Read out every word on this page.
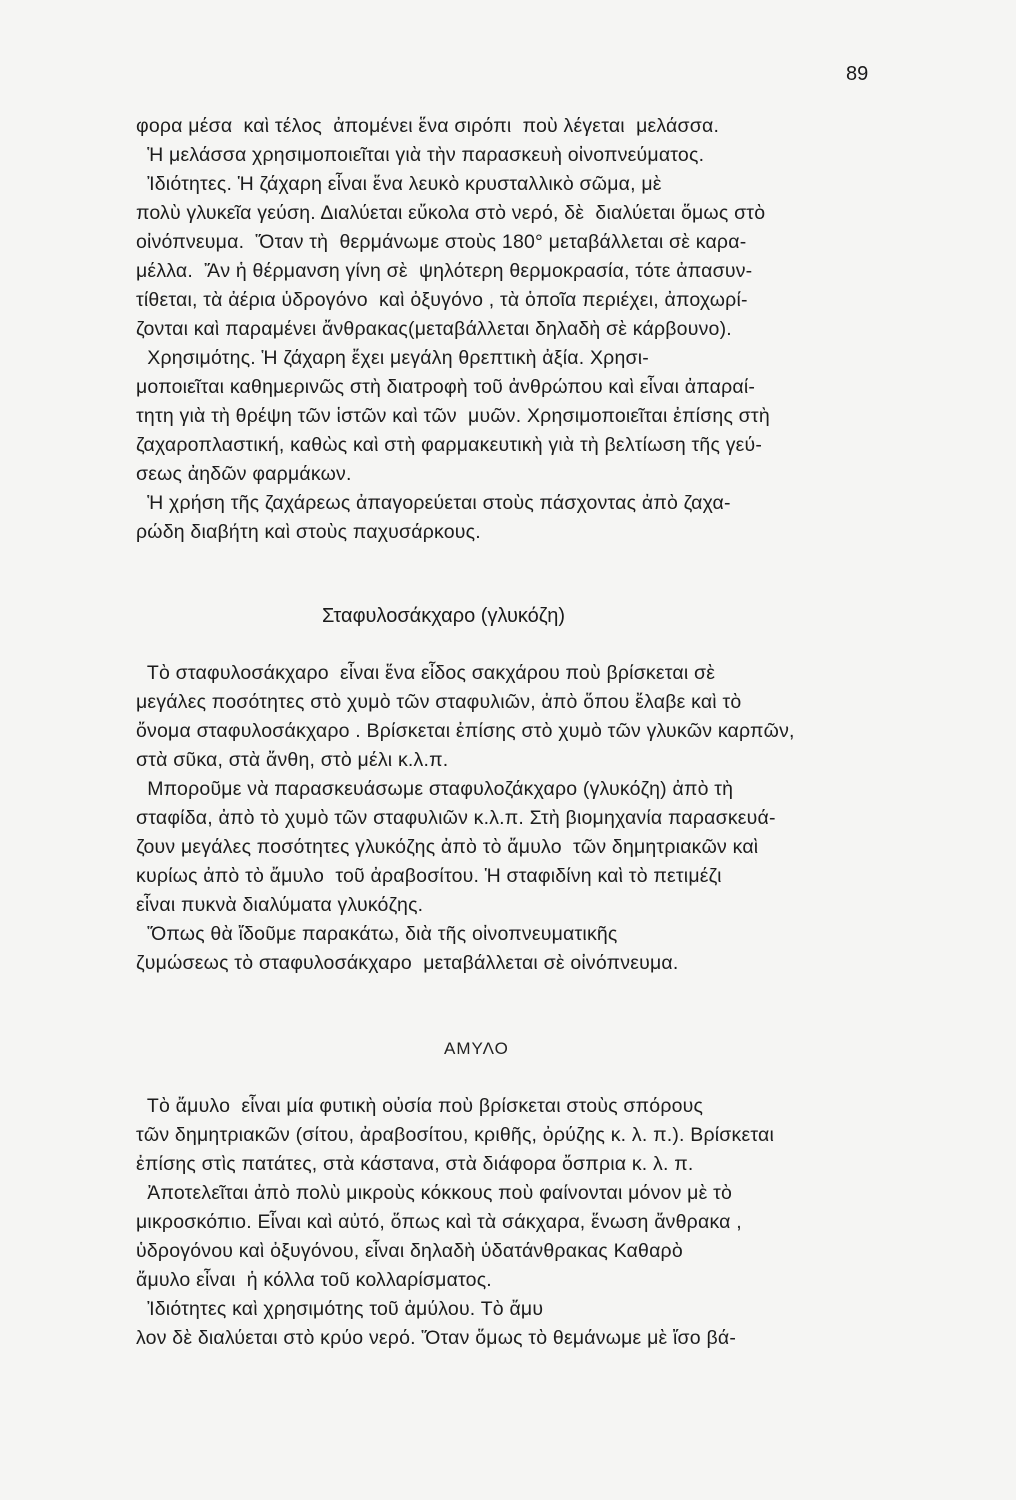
89
φορα μέσα  καὶ τέλος  ἀπομένει ἕνα σιρόπι  ποὺ λέγεται  μελάσσα.
Ἡ μελάσσα χρησιμοποιεῖται γιὰ τὴν παρασκευὴ οἰνοπνεύματος.
Ἰδιότητες. Ἡ ζάχαρη εἶναι ἕνα λευκὸ κρυσταλλικὸ σῶμα, μὲ
πολὺ γλυκεῖα γεύση. Διαλύεται εὔκολα στὸ νερό, δὲ  διαλύεται ὅμως στὸ
οἰνόπνευμα.  Ὅταν τὴ  θερμάνωμε στοὺς 180° μεταβάλλεται σὲ καρα-
μέλλα.  Ἄν ἡ θέρμανση γίνη σὲ  ψηλότερη θερμοκρασία, τότε ἀπασυν-
τίθεται, τὰ ἀέρια ὑδρογόνο  καὶ ὀξυγόνο , τὰ ὁποῖα περιέχει, ἀποχωρί-
ζονται καὶ παραμένει ἄνθρακας(μεταβάλλεται δηλαδὴ σὲ κάρβουνο).
Χρησιμότης. Ἡ ζάχαρη ἔχει μεγάλη θρεπτικὴ ἀξία. Χρησι-
μοποιεῖται καθημερινῶς στὴ διατροφὴ τοῦ ἀνθρώπου καὶ εἶναι ἀπαραί-
τητη γιὰ τὴ θρέψη τῶν ἱστῶν καὶ τῶν  μυῶν. Χρησιμοποιεῖται ἐπίσης στὴ
ζαχαροπλαστική, καθὼς καὶ στὴ φαρμακευτικὴ γιὰ τὴ βελτίωση τῆς γεύ-
σεως ἀηδῶν φαρμάκων.
Ἡ χρήση τῆς ζαχάρεως ἀπαγορεύεται στοὺς πάσχοντας ἀπὸ ζαχα-
ρώδη διαβήτη καὶ στοὺς παχυσάρκους.
Σταφυλοσάκχαρο (γλυκόζη)
Τὸ σταφυλοσάκχαρο  εἶναι ἕνα εἶδος σακχάρου ποὺ βρίσκεται σὲ
μεγάλες ποσότητες στὸ χυμὸ τῶν σταφυλιῶν, ἀπὸ ὅπου ἔλαβε καὶ τὸ
ὄνομα σταφυλοσάκχαρο . Βρίσκεται ἐπίσης στὸ χυμὸ τῶν γλυκῶν καρπῶν,
στὰ σῦκα, στὰ ἄνθη, στὸ μέλι κ.λ.π.
Μποροῦμε νὰ παρασκευάσωμε σταφυλοζάκχαρο (γλυκόζη) ἀπὸ τὴ
σταφίδα, ἀπὸ τὸ χυμὸ τῶν σταφυλιῶν κ.λ.π. Στὴ βιομηχανία παρασκευά-
ζουν μεγάλες ποσότητες γλυκόζης ἀπὸ τὸ ἄμυλο  τῶν δημητριακῶν καὶ
κυρίως ἀπὸ τὸ ἄμυλο  τοῦ ἀραβοσίτου. Ἡ σταφιδίνη καὶ τὸ πετιμέζι
εἶναι πυκνὰ διαλύματα γλυκόζης.
Ὅπως θὰ ἴδοῦμε παρακάτω, διὰ τῆς οἰνοπνευματικῆς
ζυμώσεως τὸ σταφυλοσάκχαρο  μεταβάλλεται σὲ οἰνόπνευμα.
ΑΜΥΛΟ
Τὸ ἄμυλο  εἶναι μία φυτικὴ οὐσία ποὺ βρίσκεται στοὺς σπόρους
τῶν δημητριακῶν (σίτου, ἀραβοσίτου, κριθῆς, ὀρύζης κ. λ. π.). Βρίσκεται
ἐπίσης στὶς πατάτες, στὰ κάστανα, στὰ διάφορα ὄσπρια κ. λ. π.
Ἀποτελεῖται ἀπὸ πολὺ μικροὺς κόκκους ποὺ φαίνονται μόνον μὲ τὸ
μικροσκόπιο. Εἶναι καὶ αὐτό, ὅπως καὶ τὰ σάκχαρα, ἕνωση ἄνθρακα ,
ὑδρογόνου καὶ ὀξυγόνου, εἶναι δηλαδὴ ὑδατάνθρακας Καθαρὸ
ἄμυλο εἶναι  ἡ κόλλα τοῦ κολλαρίσματος.
Ἰδιότητες καὶ χρησιμότης τοῦ ἀμύλου. Τὸ ἄμυ
λον δὲ διαλύεται στὸ κρύο νερό. Ὅταν ὅμως τὸ θεμάνωμε μὲ ἴσο βά-
